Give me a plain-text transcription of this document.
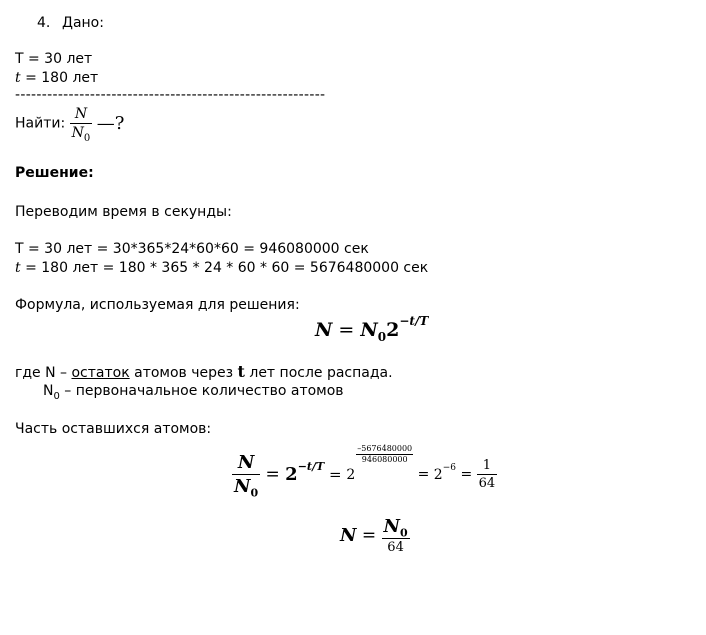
4. Дано:
T = 30 лет
t = 180 лет
----------------------------------------------------------
Найти: $\frac{N}{N_0}$ —?
Решение:
Переводим время в секунды:
T = 30 лет = 30*365*24*60*60 = 946080000 сек
t = 180 лет = 180 * 365 * 24 * 60 * 60 = 5676480000 сек
Формула, используемая для решения:
$N = N_02^{-t/T}$
где N – остаток атомов через t лет после распада.
$N_0$ – первоначальное количество атомов
Часть оставшихся атомов:
$\frac{N}{N_0} = 2^{-t/T} = 2$
$\frac{-5676480000}{946080000}$
= $2^{-6} = \frac{1}{64}$
$N = \frac{N_0}{64}$
